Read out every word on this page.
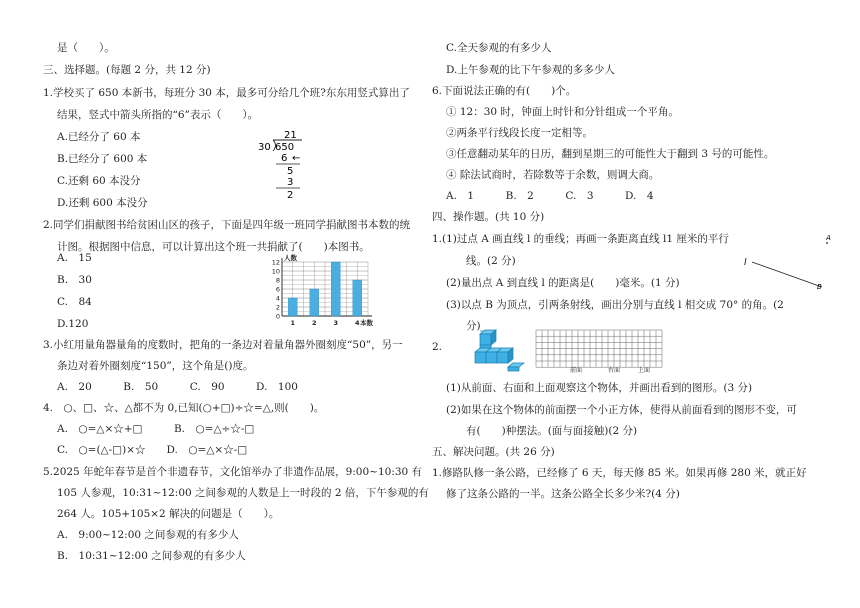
是（　　）。
三、选择题。(每题 2 分，共 12 分)
1.学校买了 650 本新书，每班分 30 本，最多可分给几个班?东东用竖式算出了
结果，竖式中箭头所指的“6”表示（　　）。
A.已经分了 60 本
B.已经分了 600 本
C.还剩 60 本没分
D.还剩 600 本没分
21
30 650
6 ←
5
3
2
2.同学们捐献图书给贫困山区的孩子，下面是四年级一班同学捐献图书本数的统
计图。根据图中信息，可以计算出这个班一共捐献了(　　)本图书。
A.　15
B.　30
C.　84
D.120
12
10
8
6
4
2
0
1	2	3	4
人数
本数
3.小红用量角器量角的度数时，把角的一条边对着量角器外圈刻度“50”，另一
条边对着外圈刻度“150”，这个角是()度。
A.　20　　　B.　50　　　C.　90　　　D.　100
4.　○、□、☆、△都不为 0,已知(○+□)÷☆=△,则(　　)。
A.　○=△×☆+□　　　B.　○=△÷☆-□
C.　○=(△-□)×☆　　D.　○=△×☆-□
5.2025 年蛇年春节是首个非遗春节，文化馆举办了非遗作品展，9:00~10:30 有
105 人参观，10:31~12:00 之间参观的人数是上一时段的 2 倍，下午参观的有
264 人。105+105×2 解决的问题是（　　）。
A.　9:00~12:00 之间参观的有多少人
B.　10:31~12:00 之间参观的有多少人
C.全天参观的有多少人
D.上午参观的比下午参观的多多少人
6.下面说法正确的有(　　)个。
① 12：30 时，钟面上时针和分针组成一个平角。
②两条平行线段长度一定相等。
③任意翻动某年的日历，翻到星期三的可能性大于翻到 3 号的可能性。
④ 除法试商时，若除数等于余数，则调大商。
A.　1　　　B.　2　　　C.　3　　　D.　4
四、操作题。(共 10 分)
1.(1)过点 A 画直线 l 的垂线；再画一条距离直线 l1 厘米的平行
线。(2 分)
(2)量出点 A 到直线 l 的距离是(　　)毫米。(1 分)
(3)以点 B 为顶点，引两条射线，画出分别与直线 l 相交成 70° 的角。(2
分)
A
l
B
2.
前面	右面	上面
(1)从前面、右面和上面观察这个物体，并画出看到的图形。(3 分)
(2)如果在这个物体的前面摆一个小正方体，使得从前面看到的图形不变，可
有(　　)种摆法。(面与面接触)(2 分)
五、解决问题。(共 26 分)
1.修路队修一条公路，已经修了 6 天，每天修 85 米。如果再修 280 米，就正好
修了这条公路的一半。这条公路全长多少米?(4 分)
